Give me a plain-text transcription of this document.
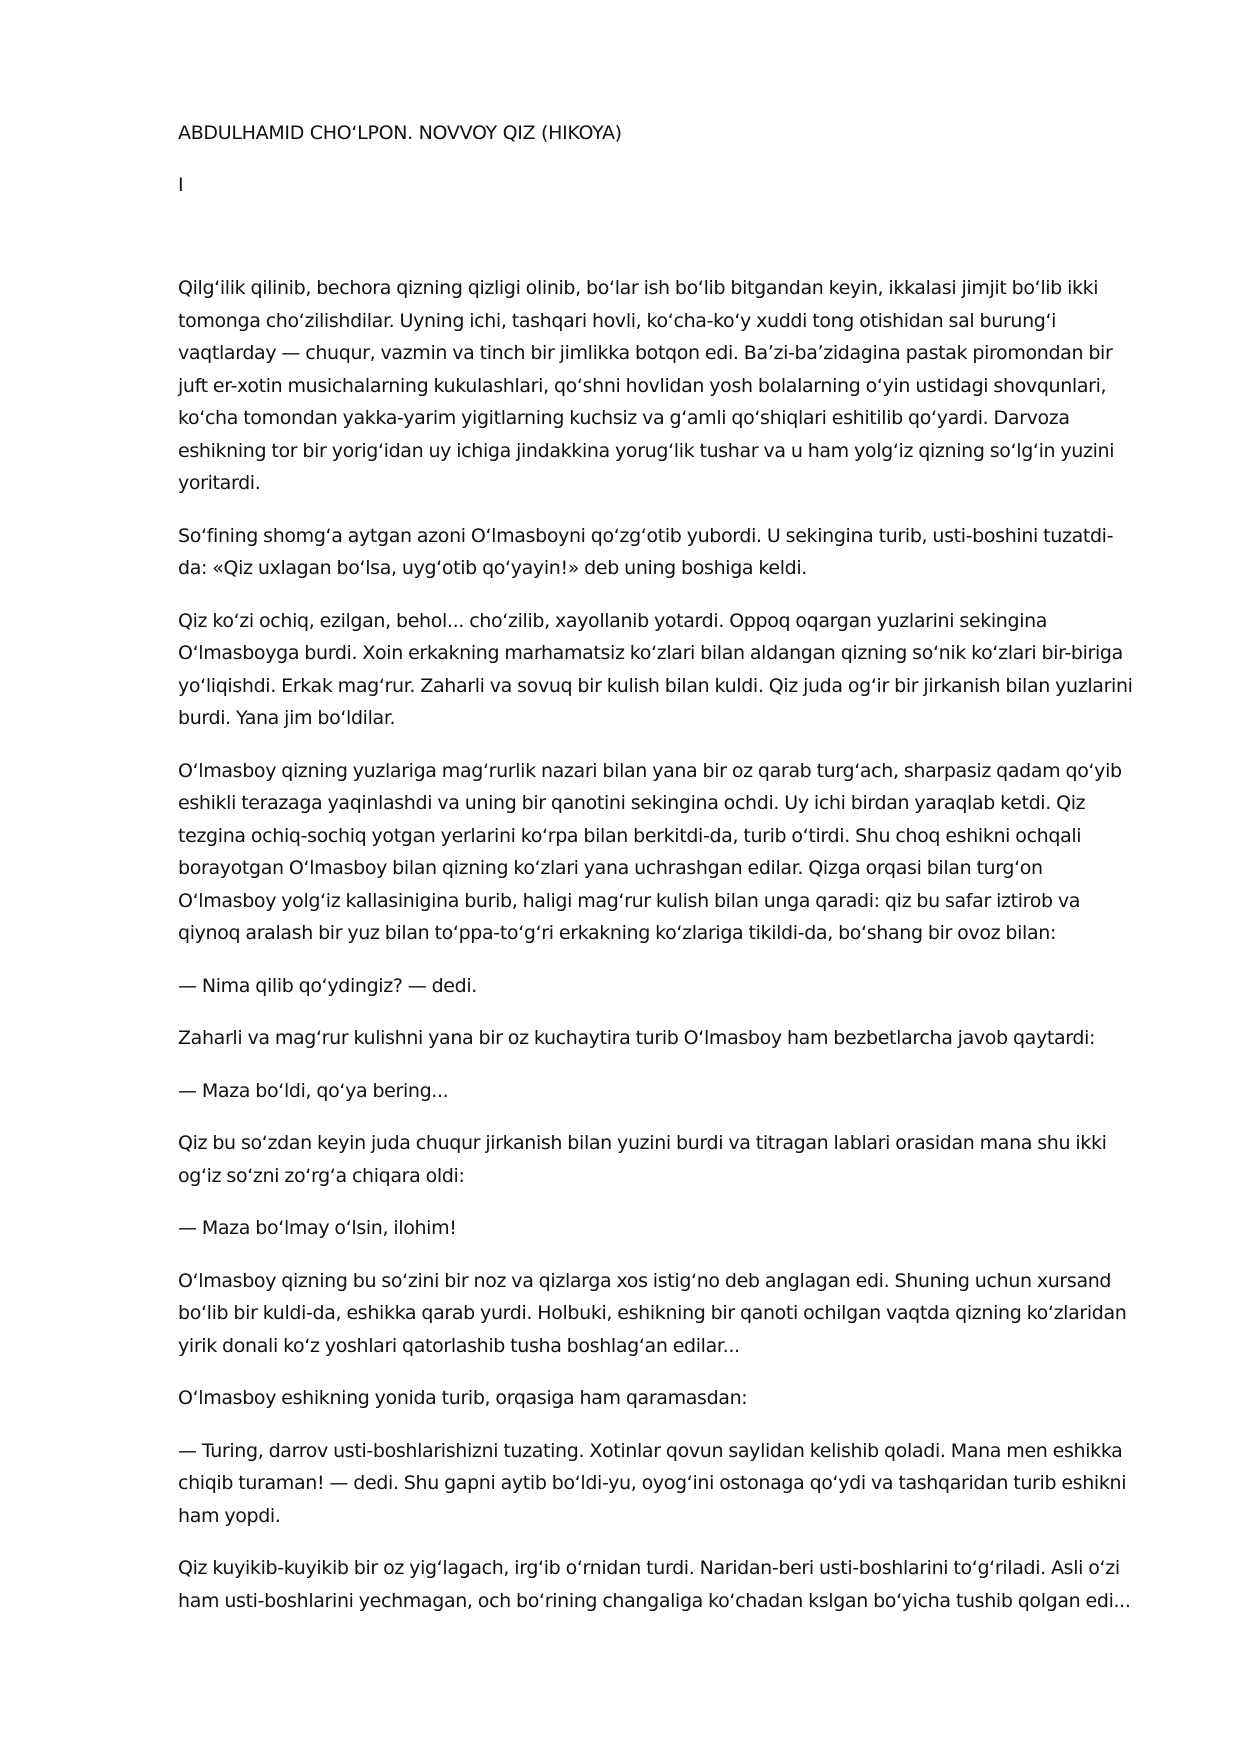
ABDULHAMID CHOʻLPON. NOVVOY QIZ (HIKOYA)
I

Qilgʻilik qilinib, bechora qizning qizligi olinib, boʻlar ish boʻlib bitgandan keyin, ikkalasi jimjit boʻlib ikki
tomonga choʻzilishdilar. Uyning ichi, tashqari hovli, koʻcha-koʻy xuddi tong otishidan sal burungʻi
vaqtlarday — chuqur, vazmin va tinch bir jimlikka botqon edi. Baʼzi-baʼzidagina pastak piromondan bir
juft er-xotin musichalarning kukulashlari, qoʻshni hovlidan yosh bolalarning oʻyin ustidagi shovqunlari,
koʻcha tomondan yakka-yarim yigitlarning kuchsiz va gʻamli qoʻshiqlari eshitilib qoʻyardi. Darvoza
eshikning tor bir yorigʻidan uy ichiga jindakkina yorugʻlik tushar va u ham yolgʻiz qizning soʻlgʻin yuzini
yoritardi.

Soʻfining shomgʻa aytgan azoni Oʻlmasboyni qoʻzgʻotib yubordi. U sekingina turib, usti-boshini tuzatdi-
da: «Qiz uxlagan boʻlsa, uygʻotib qoʻyayin!» deb uning boshiga keldi.

Qiz koʻzi ochiq, ezilgan, behol... choʻzilib, xayollanib yotardi. Oppoq oqargan yuzlarini sekingina
Oʻlmasboyga burdi. Xoin erkakning marhamatsiz koʻzlari bilan aldangan qizning soʻnik koʻzlari bir-biriga
yoʻliqishdi. Erkak magʻrur. Zaharli va sovuq bir kulish bilan kuldi. Qiz juda ogʻir bir jirkanish bilan yuzlarini
burdi. Yana jim boʻldilar.

Oʻlmasboy qizning yuzlariga magʻrurlik nazari bilan yana bir oz qarab turgʻach, sharpasiz qadam qoʻyib
eshikli terazaga yaqinlashdi va uning bir qanotini sekingina ochdi. Uy ichi birdan yaraqlab ketdi. Qiz
tezgina ochiq-sochiq yotgan yerlarini koʻrpa bilan berkitdi-da, turib oʻtirdi. Shu choq eshikni ochqali
borayotgan Oʻlmasboy bilan qizning koʻzlari yana uchrashgan edilar. Qizga orqasi bilan turgʻon
Oʻlmasboy yolgʻiz kallasinigina burib, haligi magʻrur kulish bilan unga qaradi: qiz bu safar iztirob va
qiynoq aralash bir yuz bilan toʻppa-toʻgʻri erkakning koʻzlariga tikildi-da, boʻshang bir ovoz bilan:

— Nima qilib qoʻydingiz? — dedi.

Zaharli va magʻrur kulishni yana bir oz kuchaytira turib Oʻlmasboy ham bezbetlarcha javob qaytardi:

— Maza boʻldi, qoʻya bering...

Qiz bu soʻzdan keyin juda chuqur jirkanish bilan yuzini burdi va titragan lablari orasidan mana shu ikki
ogʻiz soʻzni zoʻrgʻa chiqara oldi:

— Maza boʻlmay oʻlsin, ilohim!

Oʻlmasboy qizning bu soʻzini bir noz va qizlarga xos istigʻno deb anglagan edi. Shuning uchun xursand
boʻlib bir kuldi-da, eshikka qarab yurdi. Holbuki, eshikning bir qanoti ochilgan vaqtda qizning koʻzlaridan
yirik donali koʻz yoshlari qatorlashib tusha boshlagʻan edilar...

Oʻlmasboy eshikning yonida turib, orqasiga ham qaramasdan:

— Turing, darrov usti-boshlarishizni tuzating. Xotinlar qovun saylidan kelishib qoladi. Mana men eshikka
chiqib turaman! — dedi. Shu gapni aytib boʻldi-yu, oyogʻini ostonaga qoʻydi va tashqaridan turib eshikni
ham yopdi.

Qiz kuyikib-kuyikib bir oz yigʻlagach, irgʻib oʻrnidan turdi. Naridan-beri usti-boshlarini toʻgʻriladi. Asli oʻzi
ham usti-boshlarini yechmagan, och boʻrining changaliga koʻchadan kslgan boʻyicha tushib qolgan edi...
